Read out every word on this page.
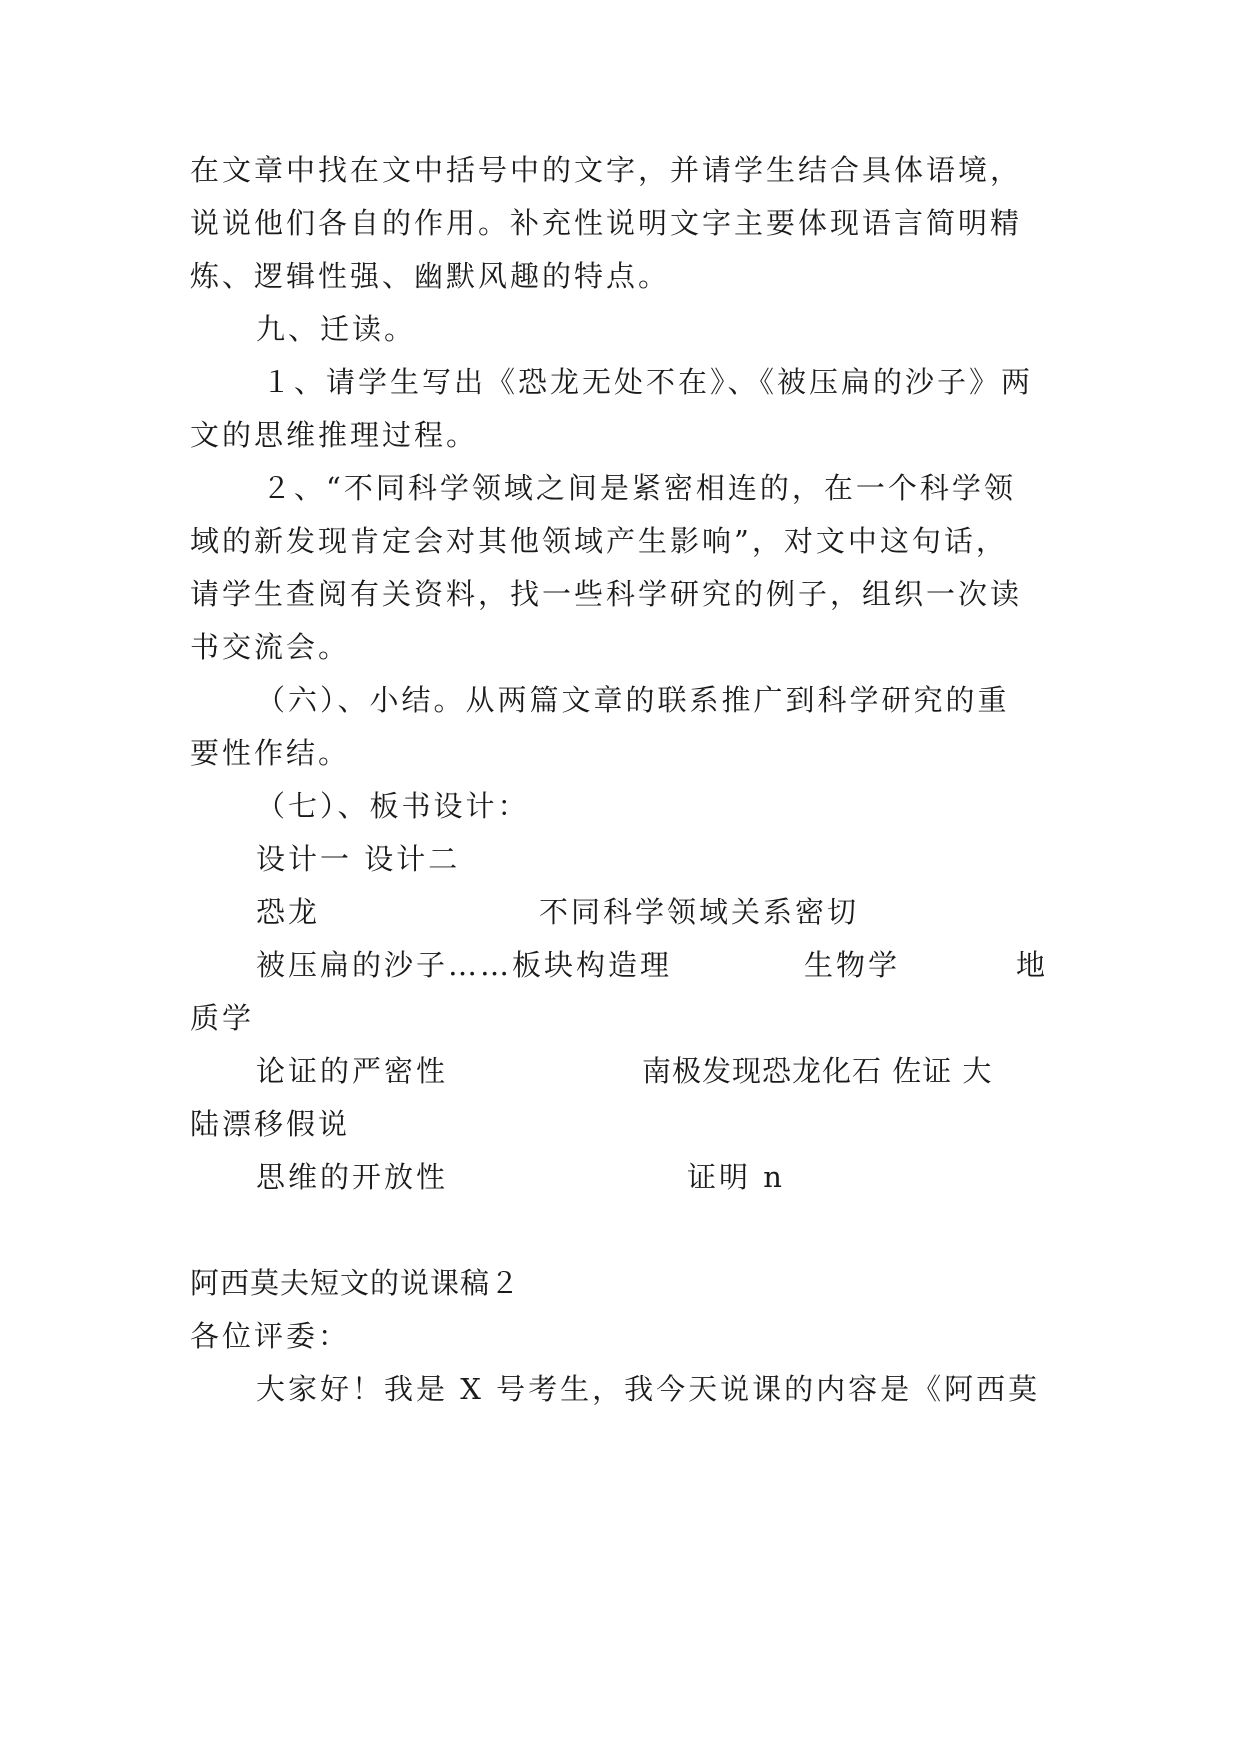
在文章中找在文中括号中的文字，并请学生结合具体语境，
说说他们各自的作用。补充性说明文字主要体现语言简明精
炼、逻辑性强、幽默风趣的特点。
九、迁读。
１、请学生写出《恐龙无处不在》、《被压扁的沙子》两
文的思维推理过程。
２、“不同科学领域之间是紧密相连的，在一个科学领
域的新发现肯定会对其他领域产生影响”，对文中这句话，
请学生查阅有关资料，找一些科学研究的例子，组织一次读
书交流会。
（六）、小结。从两篇文章的联系推广到科学研究的重
要性作结。
（七）、板书设计：
设计一 设计二
恐龙	不同科学领域关系密切
被压扁的沙子……板块构造理	生物学	地
质学
论证的严密性	南极发现恐龙化石 佐证 大
陆漂移假说
思维的开放性	证明 n
阿西莫夫短文的说课稿２
各位评委：
大家好！我是 X 号考生，我今天说课的内容是《阿西莫
